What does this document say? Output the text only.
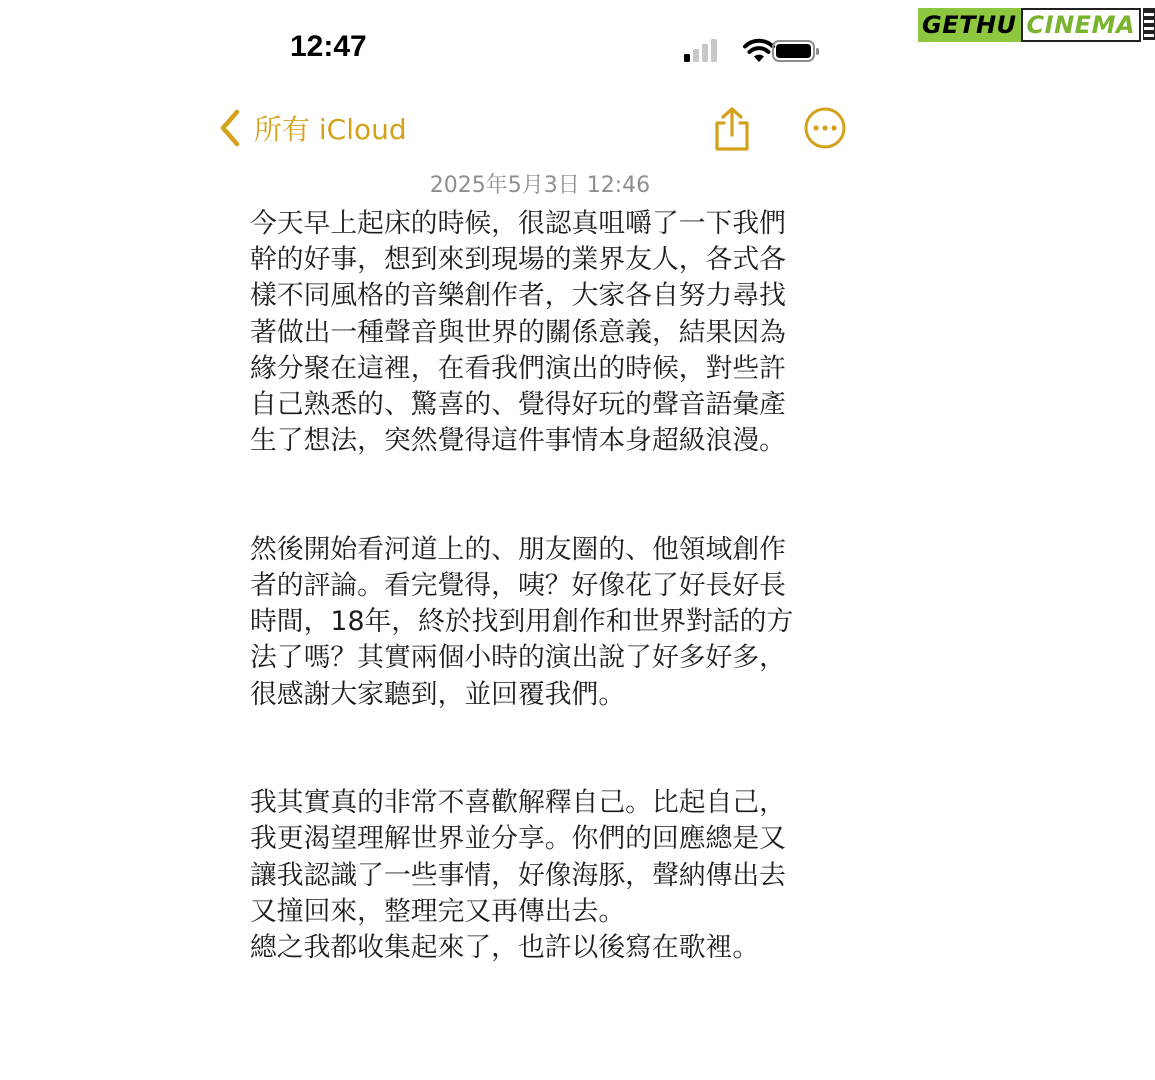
12:47
GETHU CINEMA
所有 iCloud
2025年5月3日 12:46
今天早上起床的時候，很認真咀嚼了一下我們
幹的好事，想到來到現場的業界友人，各式各
樣不同風格的音樂創作者，大家各自努力尋找
著做出一種聲音與世界的關係意義，結果因為
緣分聚在這裡，在看我們演出的時候，對些許
自己熟悉的、驚喜的、覺得好玩的聲音語彙產
生了想法，突然覺得這件事情本身超級浪漫。
然後開始看河道上的、朋友圈的、他領域創作
者的評論。看完覺得，咦？好像花了好長好長
時間，18年，終於找到用創作和世界對話的方
法了嗎？其實兩個小時的演出說了好多好多，
很感謝大家聽到，並回覆我們。
我其實真的非常不喜歡解釋自己。比起自己，
我更渴望理解世界並分享。你們的回應總是又
讓我認識了一些事情，好像海豚，聲納傳出去
又撞回來，整理完又再傳出去。
總之我都收集起來了，也許以後寫在歌裡。
